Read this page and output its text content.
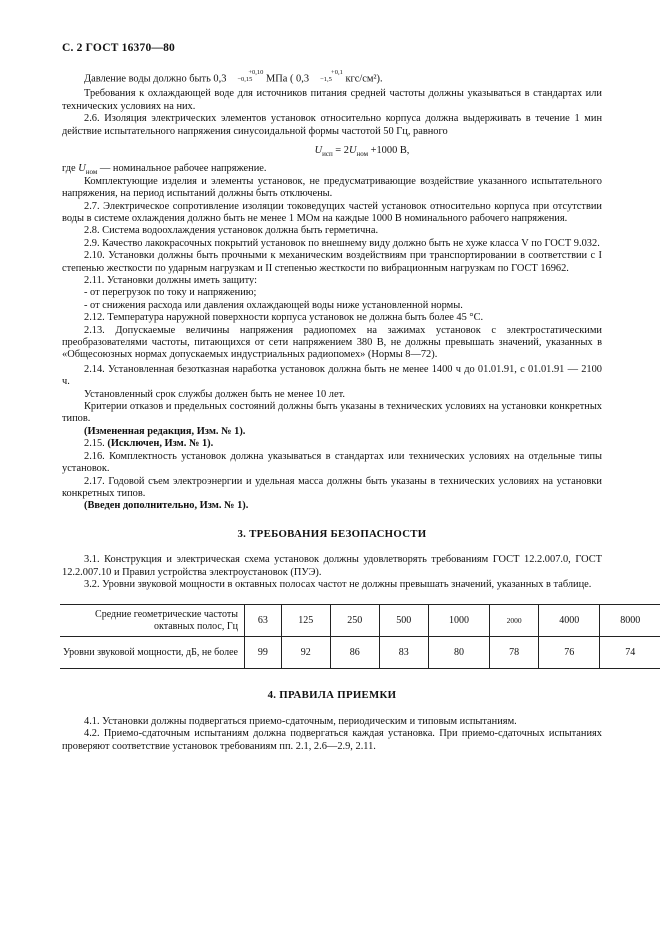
С. 2 ГОСТ 16370—80

Давление воды должно быть 0,3+0,10
−0,15 МПа ( 0,3+0,1
−1,5 кгс/см²).

Требования к охлаждающей воде для источников питания средней частоты должны указываться в стандартах или технических условиях на них.

2.6. Изоляция электрических элементов установок относительно корпуса должна выдерживать в течение 1 мин действие испытательного напряжения синусоидальной формы частотой 50 Гц, равного

$U_{исп} = 2U_{ном} +1000$ В,

где $U_{ном}$ — номинальное рабочее напряжение.

Комплектующие изделия и элементы установок, не предусматривающие воздействие указанного испытательного напряжения, на период испытаний должны быть отключены.

2.7. Электрическое сопротивление изоляции токоведущих частей установок относительно корпуса при отсутствии воды в системе охлаждения должно быть не менее 1 МОм на каждые 1000 В номинального рабочего напряжения.

2.8. Система водоохлаждения установок должна быть герметична.

2.9. Качество лакокрасочных покрытий установок по внешнему виду должно быть не хуже класса V по ГОСТ 9.032.

2.10. Установки должны быть прочными к механическим воздействиям при транспортировании в соответствии с I степенью жесткости по ударным нагрузкам и II степенью жесткости по вибрационным нагрузкам по ГОСТ 16962.

2.11. Установки должны иметь защиту:

- от перегрузок по току и напряжению;

- от снижения расхода или давления охлаждающей воды ниже установленной нормы.

2.12. Температура наружной поверхности корпуса установок не должна быть более 45 °С.

2.13. Допускаемые величины напряжения радиопомех на зажимах установок с электростатическими преобразователями частоты, питающихся от сети напряжением 380 В, не должны превышать значений, указанных в «Общесоюзных нормах допускаемых индустриальных радиопомех» (Нормы 8—72).

2.14. Установленная безотказная наработка установок должна быть не менее 1400 ч до 01.01.91, с 01.01.91 — 2100 ч.

Установленный срок службы должен быть не менее 10 лет.

Критерии отказов и предельных состояний должны быть указаны в технических условиях на установки конкретных типов.

(Измененная редакция, Изм. № 1).

2.15. (Исключен, Изм. № 1).

2.16. Комплектность установок должна указываться в стандартах или технических условиях на отдельные типы установок.

2.17. Годовой съем электроэнергии и удельная масса должны быть указаны в технических условиях на установки конкретных типов.

(Введен дополнительно, Изм. № 1).

3. ТРЕБОВАНИЯ БЕЗОПАСНОСТИ

3.1. Конструкция и электрическая схема установок должны удовлетворять требованиям ГОСТ 12.2.007.0, ГОСТ 12.2.007.10 и Правил устройства электроустановок (ПУЭ).

3.2. Уровни звуковой мощности в октавных полосах частот не должны превышать значений, указанных в таблице.

Средние геометрические частоты октавных полос, Гц	63	125	250	500	1000	2000	4000	8000
Уровни звуковой мощности, дБ, не более	99	92	86	83	80	78	76	74
4. ПРАВИЛА ПРИЕМКИ

4.1. Установки должны подвергаться приемо-сдаточным, периодическим и типовым испытаниям.

4.2. Приемо-сдаточным испытаниям должна подвергаться каждая установка. При приемо-сдаточных испытаниях проверяют соответствие установок требованиям пп. 2.1, 2.6—2.9, 2.11.
